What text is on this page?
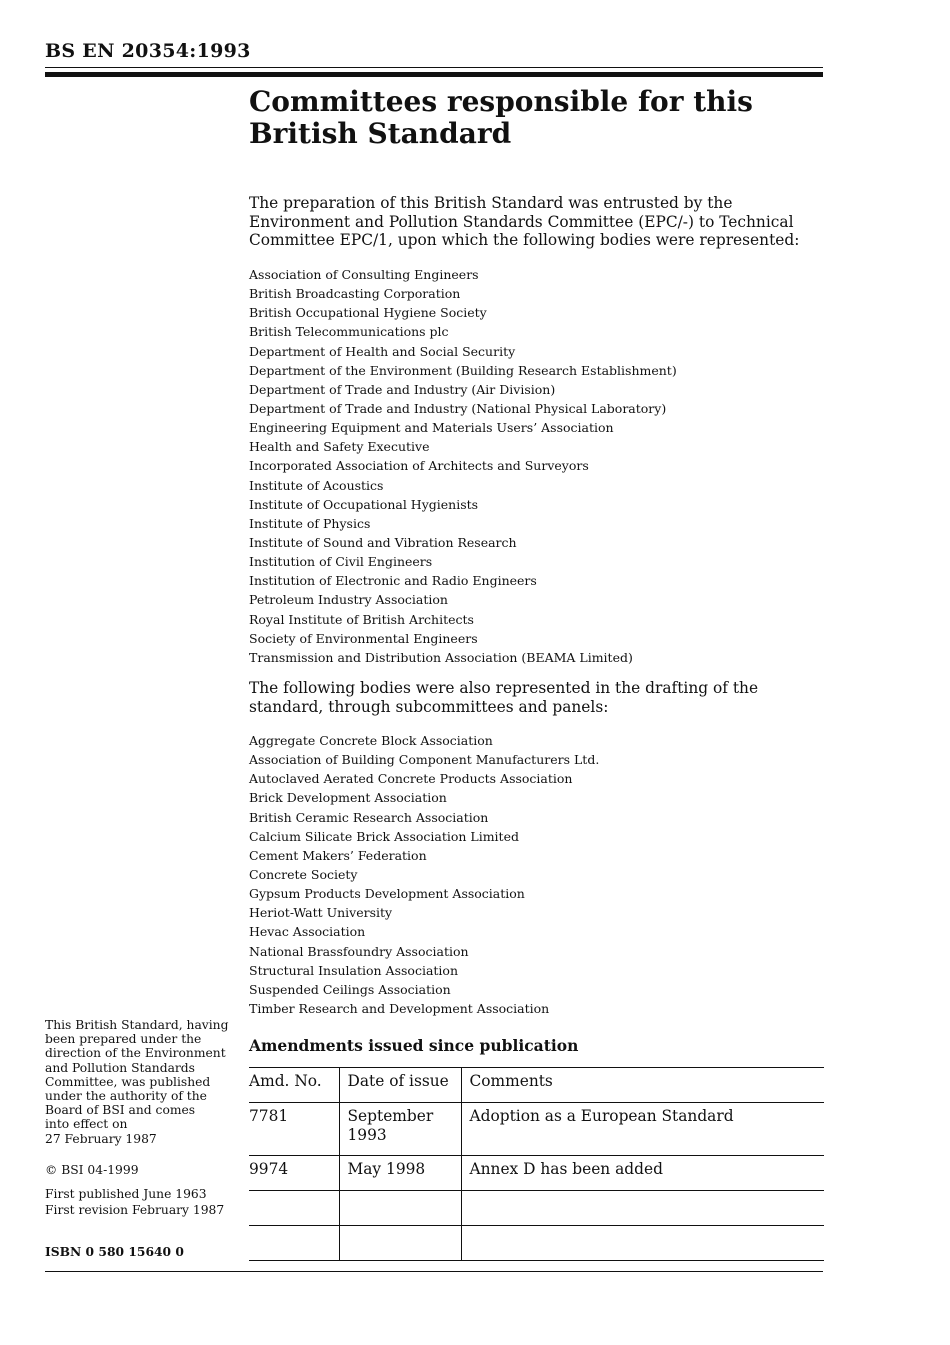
BS EN 20354:1993
Committees responsible for this
British Standard

The preparation of this British Standard was entrusted by the Environment and Pollution Standards Committee (EPC/-) to Technical Committee EPC/1, upon which the following bodies were represented:

Association of Consulting Engineers
British Broadcasting Corporation
British Occupational Hygiene Society
British Telecommunications plc
Department of Health and Social Security
Department of the Environment (Building Research Establishment)
Department of Trade and Industry (Air Division)
Department of Trade and Industry (National Physical Laboratory)
Engineering Equipment and Materials Users’ Association
Health and Safety Executive
Incorporated Association of Architects and Surveyors
Institute of Acoustics
Institute of Occupational Hygienists
Institute of Physics
Institute of Sound and Vibration Research
Institution of Civil Engineers
Institution of Electronic and Radio Engineers
Petroleum Industry Association
Royal Institute of British Architects
Society of Environmental Engineers
Transmission and Distribution Association (BEAMA Limited)

The following bodies were also represented in the drafting of the standard, through subcommittees and panels:

Aggregate Concrete Block Association
Association of Building Component Manufacturers Ltd.
Autoclaved Aerated Concrete Products Association
Brick Development Association
British Ceramic Research Association
Calcium Silicate Brick Association Limited
Cement Makers’ Federation
Concrete Society
Gypsum Products Development Association
Heriot-Watt University
Hevac Association
National Brassfoundry Association
Structural Insulation Association
Suspended Ceilings Association
Timber Research and Development Association

This British Standard, having

been prepared under the

direction of the Environment

and Pollution Standards

Committee, was published

under the authority of the

Board of BSI and comes

into effect on

27 February 1987

© BSI 04-1999

First published June 1963

First revision February 1987

ISBN 0 580 15640 0
Amendments issued since publication
Amd. No.	Date of issue	Comments
7781	September 1993	Adoption as a European Standard
9974	May 1998	Annex D has been added
